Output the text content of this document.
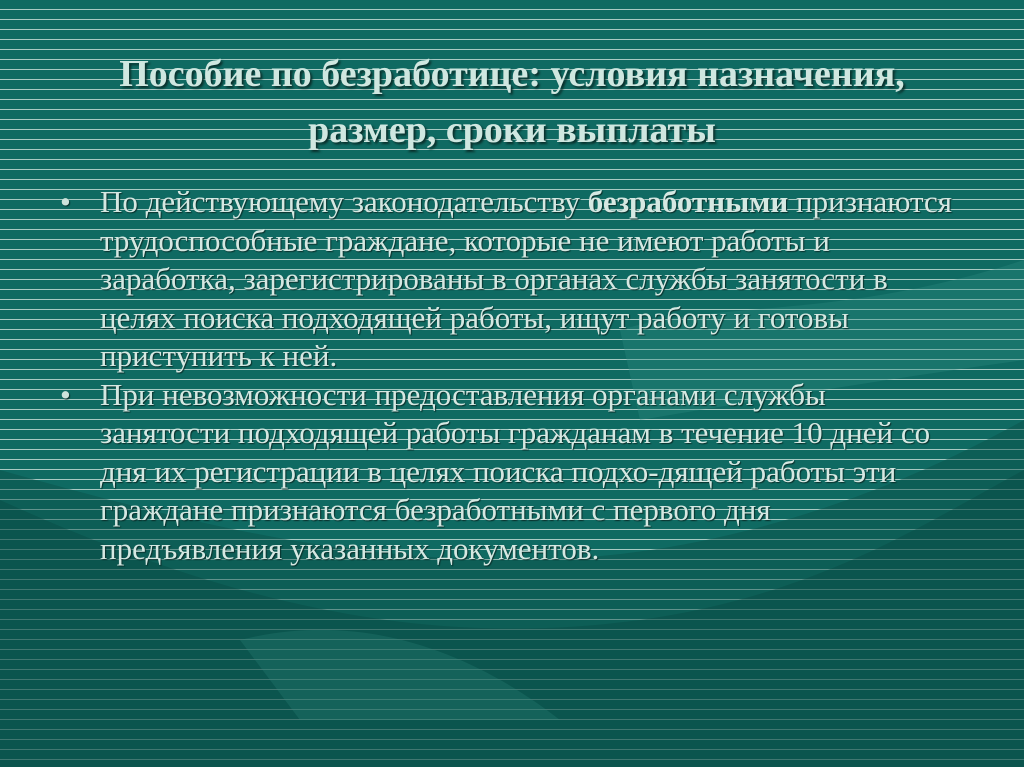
Пособие по безработице: условия назначения, размер, сроки выплаты
• По действующему законодательству безработными признаются трудоспособные граждане, которые не имеют работы и заработка, зарегистрированы в органах службы занятости в целях поиска подходящей работы, ищут работу и готовы приступить к ней.
• При невозможности предоставления органами службы занятости подходящей работы гражданам в течение 10 дней со дня их регистрации в целях поиска подхо-дящей работы эти граждане признаются безработными с первого дня предъявления указанных документов.
